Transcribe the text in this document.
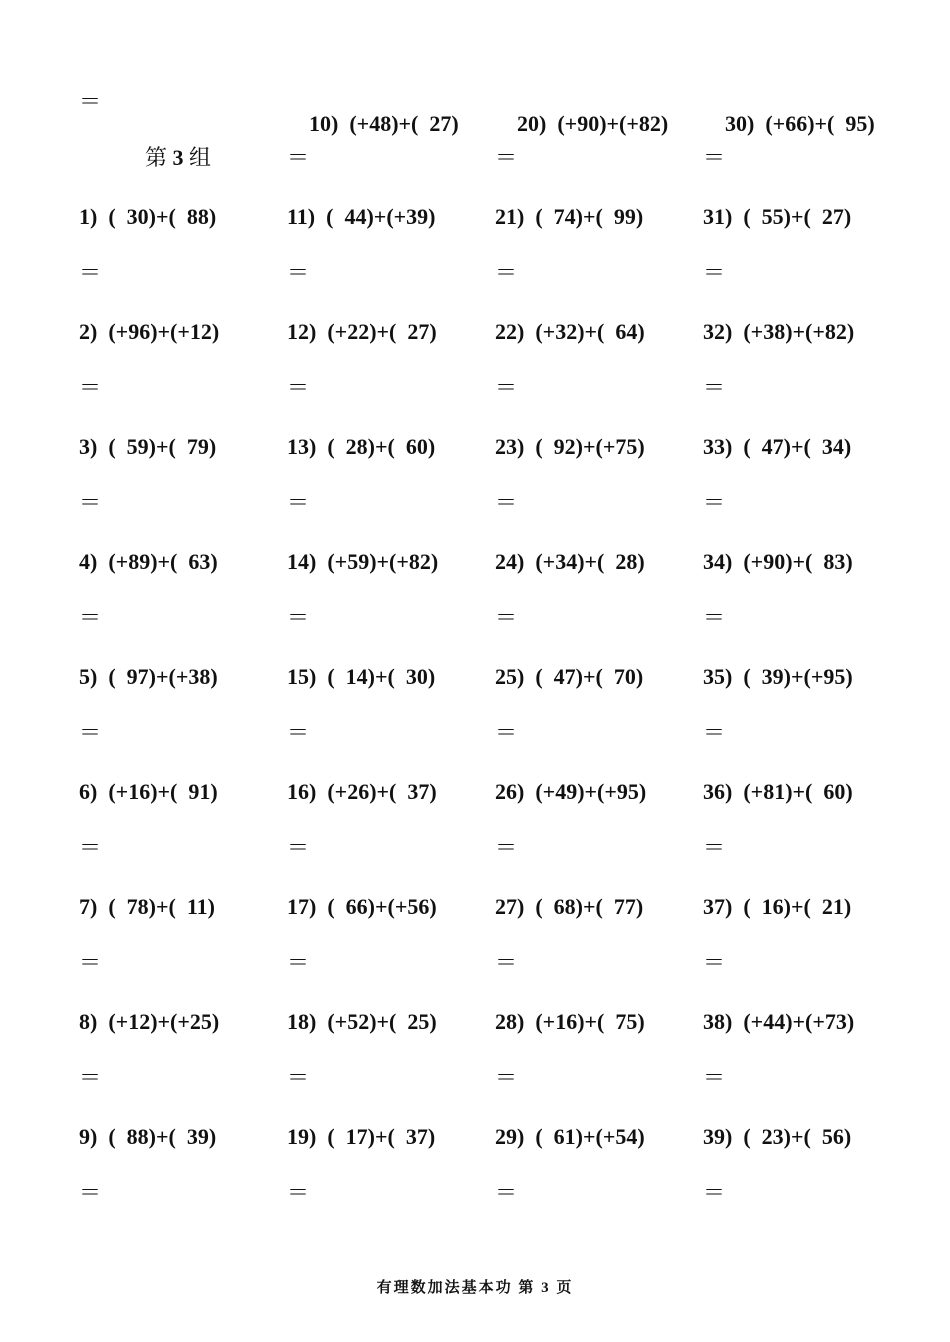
＝

10) (+48)+(  27)
	20) (+90)+(+82)
	30) (+66)+(  95)

第 3 组	＝	＝	＝
1) (  30)+(  88)
＝
11) (  44)+(+39)
＝
21) (  74)+(  99)
＝
31) (  55)+(  27)
＝
2) (+96)+(+12)
＝
12) (+22)+(  27)
＝
22) (+32)+(  64)
＝
32) (+38)+(+82)
＝
3) (  59)+(  79)
＝
13) (  28)+(  60)
＝
23) (  92)+(+75)
＝
33) (  47)+(  34)
＝
4) (+89)+(  63)
＝
14) (+59)+(+82)
＝
24) (+34)+(  28)
＝
34) (+90)+(  83)
＝
5) (  97)+(+38)
＝
15) (  14)+(  30)
＝
25) (  47)+(  70)
＝
35) (  39)+(+95)
＝
6) (+16)+(  91)
＝
16) (+26)+(  37)
＝
26) (+49)+(+95)
＝
36) (+81)+(  60)
＝
7) (  78)+(  11)
＝
17) (  66)+(+56)
＝
27) (  68)+(  77)
＝
37) (  16)+(  21)
＝
8) (+12)+(+25)
＝
18) (+52)+(  25)
＝
28) (+16)+(  75)
＝
38) (+44)+(+73)
＝
9) (  88)+(  39)
＝
19) (  17)+(  37)
＝
29) (  61)+(+54)
＝
39) (  23)+(  56)
＝
有理数加法基本功 第 3 页
